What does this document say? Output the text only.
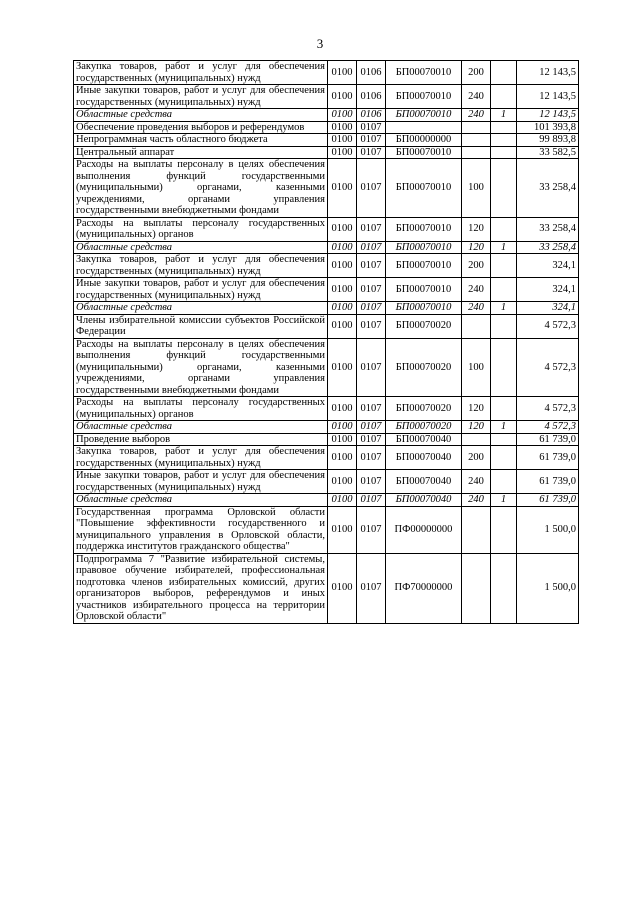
3
Закупка товаров, работ и услуг для обеспечения государственных (муниципальных) нужд	0100	0106	БП00070010	200		12 143,5
Иные закупки товаров, работ и услуг для обеспечения государственных (муниципальных) нужд	0100	0106	БП00070010	240		12 143,5
Областные средства	0100	0106	БП00070010	240	1	12 143,5
Обеспечение проведения выборов и референдумов	0100	0107				101 393,8
Непрограммная часть областного бюджета	0100	0107	БП00000000			99 893,8
Центральный аппарат	0100	0107	БП00070010			33 582,5
Расходы на выплаты персоналу в целях обеспечения выполнения функций государственными (муниципальными) органами, казенными учреждениями, органами управления государственными внебюджетными фондами	0100	0107	БП00070010	100		33 258,4
Расходы на выплаты персоналу государственных (муниципальных) органов	0100	0107	БП00070010	120		33 258,4
Областные средства	0100	0107	БП00070010	120	1	33 258,4
Закупка товаров, работ и услуг для обеспечения государственных (муниципальных) нужд	0100	0107	БП00070010	200		324,1
Иные закупки товаров, работ и услуг для обеспечения государственных (муниципальных) нужд	0100	0107	БП00070010	240		324,1
Областные средства	0100	0107	БП00070010	240	1	324,1
Члены избирательной комиссии субъектов Российской Федерации	0100	0107	БП00070020			4 572,3
Расходы на выплаты персоналу в целях обеспечения выполнения функций государственными (муниципальными) органами, казенными учреждениями, органами управления государственными внебюджетными фондами	0100	0107	БП00070020	100		4 572,3
Расходы на выплаты персоналу государственных (муниципальных) органов	0100	0107	БП00070020	120		4 572,3
Областные средства	0100	0107	БП00070020	120	1	4 572,3
Проведение выборов	0100	0107	БП00070040			61 739,0
Закупка товаров, работ и услуг для обеспечения государственных (муниципальных) нужд	0100	0107	БП00070040	200		61 739,0
Иные закупки товаров, работ и услуг для обеспечения государственных (муниципальных) нужд	0100	0107	БП00070040	240		61 739,0
Областные средства	0100	0107	БП00070040	240	1	61 739,0
Государственная программа Орловской области "Повышение эффективности государственного и муниципального управления в Орловской области, поддержка институтов гражданского общества"	0100	0107	ПФ00000000			1 500,0
Подпрограмма 7 "Развитие избирательной системы, правовое обучение избирателей, профессиональная подготовка членов избирательных комиссий, других организаторов выборов, референдумов и иных участников избирательного процесса на территории Орловской области"	0100	0107	ПФ70000000			1 500,0
